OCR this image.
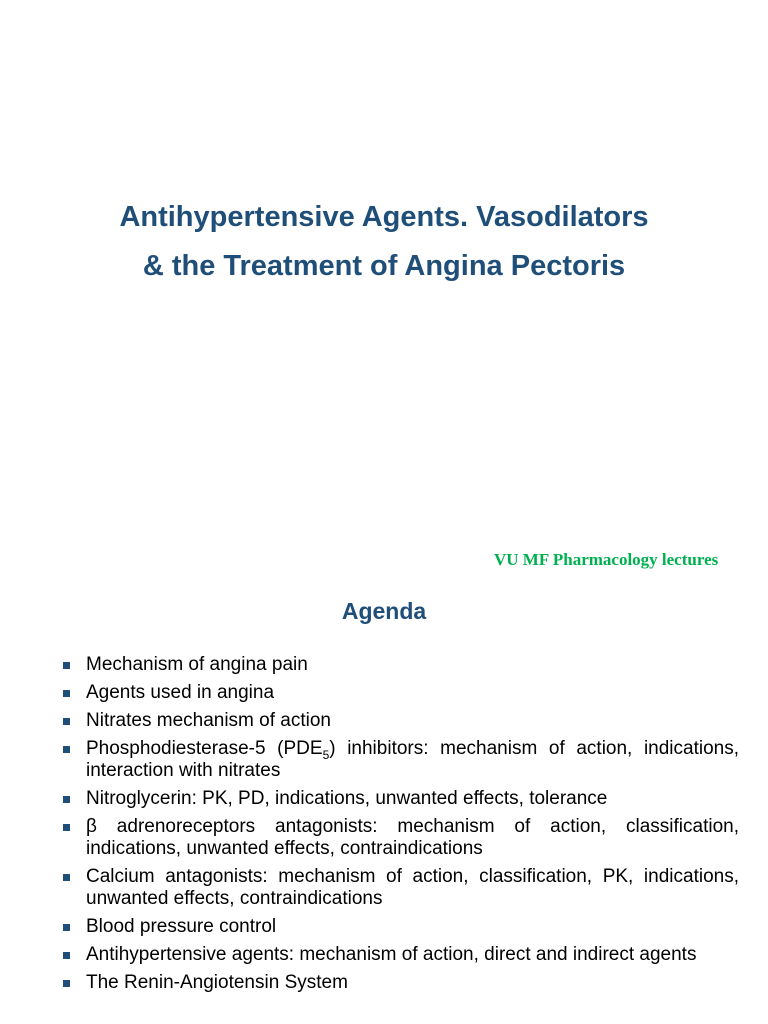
Antihypertensive Agents. Vasodilators
& the Treatment of Angina Pectoris
VU MF Pharmacology lectures
Agenda
Mechanism of angina pain
Agents used in angina
Nitrates mechanism of action
Phosphodiesterase-5 $(PDE_5)$ inhibitors: mechanism of action, indications, interaction with nitrates
Nitroglycerin: PK, PD, indications, unwanted effects, tolerance
β adrenoreceptors antagonists: mechanism of action, classification, indications, unwanted effects, contraindications
Calcium antagonists: mechanism of action, classification, PK, indications, unwanted effects, contraindications
Blood pressure control
Antihypertensive agents: mechanism of action, direct and indirect agents
The Renin-Angiotensin System
